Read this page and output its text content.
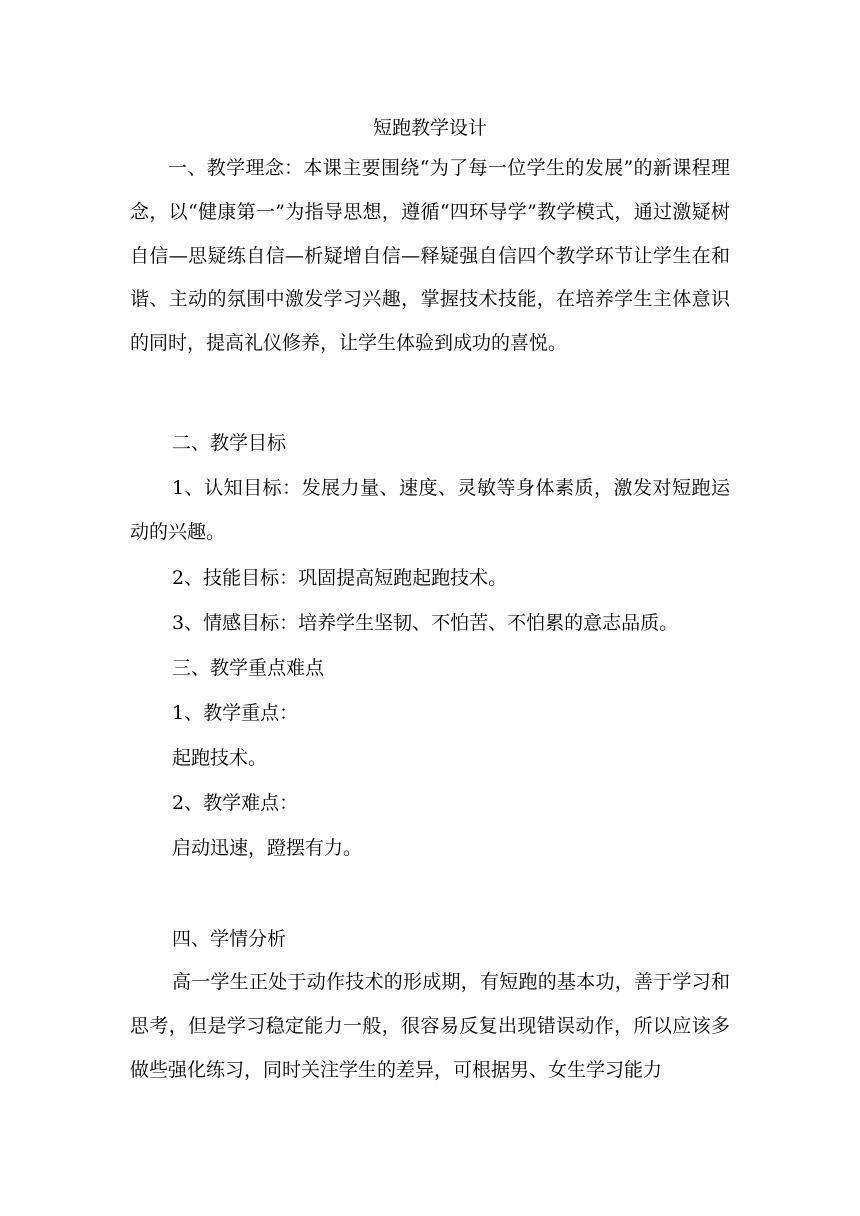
短跑教学设计
一、教学理念：本课主要围绕“为了每一位学生的发展”的新课程理念，以“健康第一”为指导思想，遵循“四环导学”教学模式，通过激疑树自信—思疑练自信—析疑增自信—释疑强自信四个教学环节让学生在和谐、主动的氛围中激发学习兴趣，掌握技术技能，在培养学生主体意识的同时，提高礼仪修养，让学生体验到成功的喜悦。
二、教学目标
1、认知目标：发展力量、速度、灵敏等身体素质，激发对短跑运动的兴趣。
2、技能目标：巩固提高短跑起跑技术。
3、情感目标：培养学生坚韧、不怕苦、不怕累的意志品质。
三、教学重点难点
1、教学重点：
起跑技术。
2、教学难点：
启动迅速，蹬摆有力。
四、学情分析
高一学生正处于动作技术的形成期，有短跑的基本功，善于学习和思考，但是学习稳定能力一般，很容易反复出现错误动作，所以应该多做些强化练习，同时关注学生的差异，可根据男、女生学习能力
